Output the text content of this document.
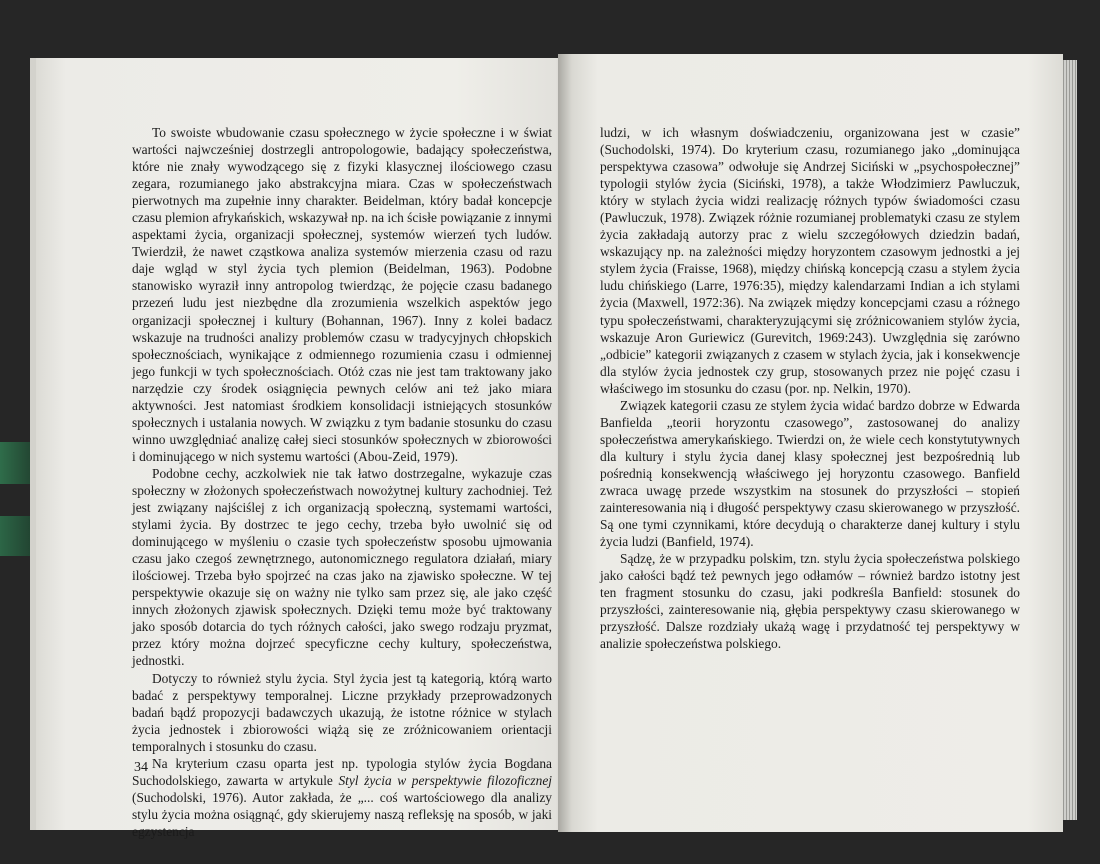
To swoiste wbudowanie czasu społecznego w życie społeczne i w świat wartości najwcześniej dostrzegli antropologowie, badający społeczeństwa, które nie znały wywodzącego się z fizyki klasycznej ilościowego czasu zegara, rozumianego jako abstrakcyjna miara. Czas w społeczeństwach pierwotnych ma zupełnie inny charakter. Beidelman, który badał koncepcje czasu plemion afrykańskich, wskazywał np. na ich ścisłe powiązanie z innymi aspektami życia, organizacji społecznej, systemów wierzeń tych ludów. Twierdził, że nawet cząstkowa analiza systemów mierzenia czasu od razu daje wgląd w styl życia tych plemion (Beidelman, 1963). Podobne stanowisko wyraził inny antropolog twierdząc, że pojęcie czasu badanego przezeń ludu jest niezbędne dla zrozumienia wszelkich aspektów jego organizacji społecznej i kultury (Bohannan, 1967). Inny z kolei badacz wskazuje na trudności analizy problemów czasu w tradycyjnych chłopskich społecznościach, wynikające z odmiennego rozumienia czasu i odmiennej jego funkcji w tych społecznościach. Otóż czas nie jest tam traktowany jako narzędzie czy środek osiągnięcia pewnych celów ani też jako miara aktywności. Jest natomiast środkiem konsolidacji istniejących stosunków społecznych i ustalania nowych. W związku z tym badanie stosunku do czasu winno uwzględniać analizę całej sieci stosunków społecznych w zbiorowości i dominującego w nich systemu wartości (Abou-Zeid, 1979).

Podobne cechy, aczkolwiek nie tak łatwo dostrzegalne, wykazuje czas społeczny w złożonych społeczeństwach nowożytnej kultury zachodniej. Też jest związany najściślej z ich organizacją społeczną, systemami wartości, stylami życia. By dostrzec te jego cechy, trzeba było uwolnić się od dominującego w myśleniu o czasie tych społeczeństw sposobu ujmowania czasu jako czegoś zewnętrznego, autonomicznego regulatora działań, miary ilościowej. Trzeba było spojrzeć na czas jako na zjawisko społeczne. W tej perspektywie okazuje się on ważny nie tylko sam przez się, ale jako część innych złożonych zjawisk społecznych. Dzięki temu może być traktowany jako sposób dotarcia do tych różnych całości, jako swego rodzaju pryzmat, przez który można dojrzeć specyficzne cechy kultury, społeczeństwa, jednostki.

Dotyczy to również stylu życia. Styl życia jest tą kategorią, którą warto badać z perspektywy temporalnej. Liczne przykłady przeprowadzonych badań bądź propozycji badawczych ukazują, że istotne różnice w stylach życia jednostek i zbiorowości wiążą się ze zróżnicowaniem orientacji temporalnych i stosunku do czasu.

Na kryterium czasu oparta jest np. typologia stylów życia Bogdana Suchodolskiego, zawarta w artykule Styl życia w perspektywie filozoficznej (Suchodolski, 1976). Autor zakłada, że „... coś wartościowego dla analizy stylu życia można osiągnąć, gdy skierujemy naszą refleksję na sposób, w jaki egzystencja

34

ludzi, w ich własnym doświadczeniu, organizowana jest w czasie” (Suchodolski, 1974). Do kryterium czasu, rozumianego jako „dominująca perspektywa czasowa” odwołuje się Andrzej Siciński w „psychospołecznej” typologii stylów życia (Siciński, 1978), a także Włodzimierz Pawluczuk, który w stylach życia widzi realizację różnych typów świadomości czasu (Pawluczuk, 1978). Związek różnie rozumianej problematyki czasu ze stylem życia zakładają autorzy prac z wielu szczegółowych dziedzin badań, wskazujący np. na zależności między horyzontem czasowym jednostki a jej stylem życia (Fraisse, 1968), między chińską koncepcją czasu a stylem życia ludu chińskiego (Larre, 1976:35), między kalendarzami Indian a ich stylami życia (Maxwell, 1972:36). Na związek między koncepcjami czasu a różnego typu społeczeństwami, charakteryzującymi się zróżnicowaniem stylów życia, wskazuje Aron Guriewicz (Gurevitch, 1969:243). Uwzględnia się zarówno „odbicie” kategorii związanych z czasem w stylach życia, jak i konsekwencje dla stylów życia jednostek czy grup, stosowanych przez nie pojęć czasu i właściwego im stosunku do czasu (por. np. Nelkin, 1970).

Związek kategorii czasu ze stylem życia widać bardzo dobrze w Edwarda Banfielda „teorii horyzontu czasowego”, zastosowanej do analizy społeczeństwa amerykańskiego. Twierdzi on, że wiele cech konstytutywnych dla kultury i stylu życia danej klasy społecznej jest bezpośrednią lub pośrednią konsekwencją właściwego jej horyzontu czasowego. Banfield zwraca uwagę przede wszystkim na stosunek do przyszłości – stopień zainteresowania nią i długość perspektywy czasu skierowanego w przyszłość. Są one tymi czynnikami, które decydują o charakterze danej kultury i stylu życia ludzi (Banfield, 1974).

Sądzę, że w przypadku polskim, tzn. stylu życia społeczeństwa polskiego jako całości bądź też pewnych jego odłamów – również bardzo istotny jest ten fragment stosunku do czasu, jaki podkreśla Banfield: stosunek do przyszłości, zainteresowanie nią, głębia perspektywy czasu skierowanego w przyszłość. Dalsze rozdziały ukażą wagę i przydatność tej perspektywy w analizie społeczeństwa polskiego.
